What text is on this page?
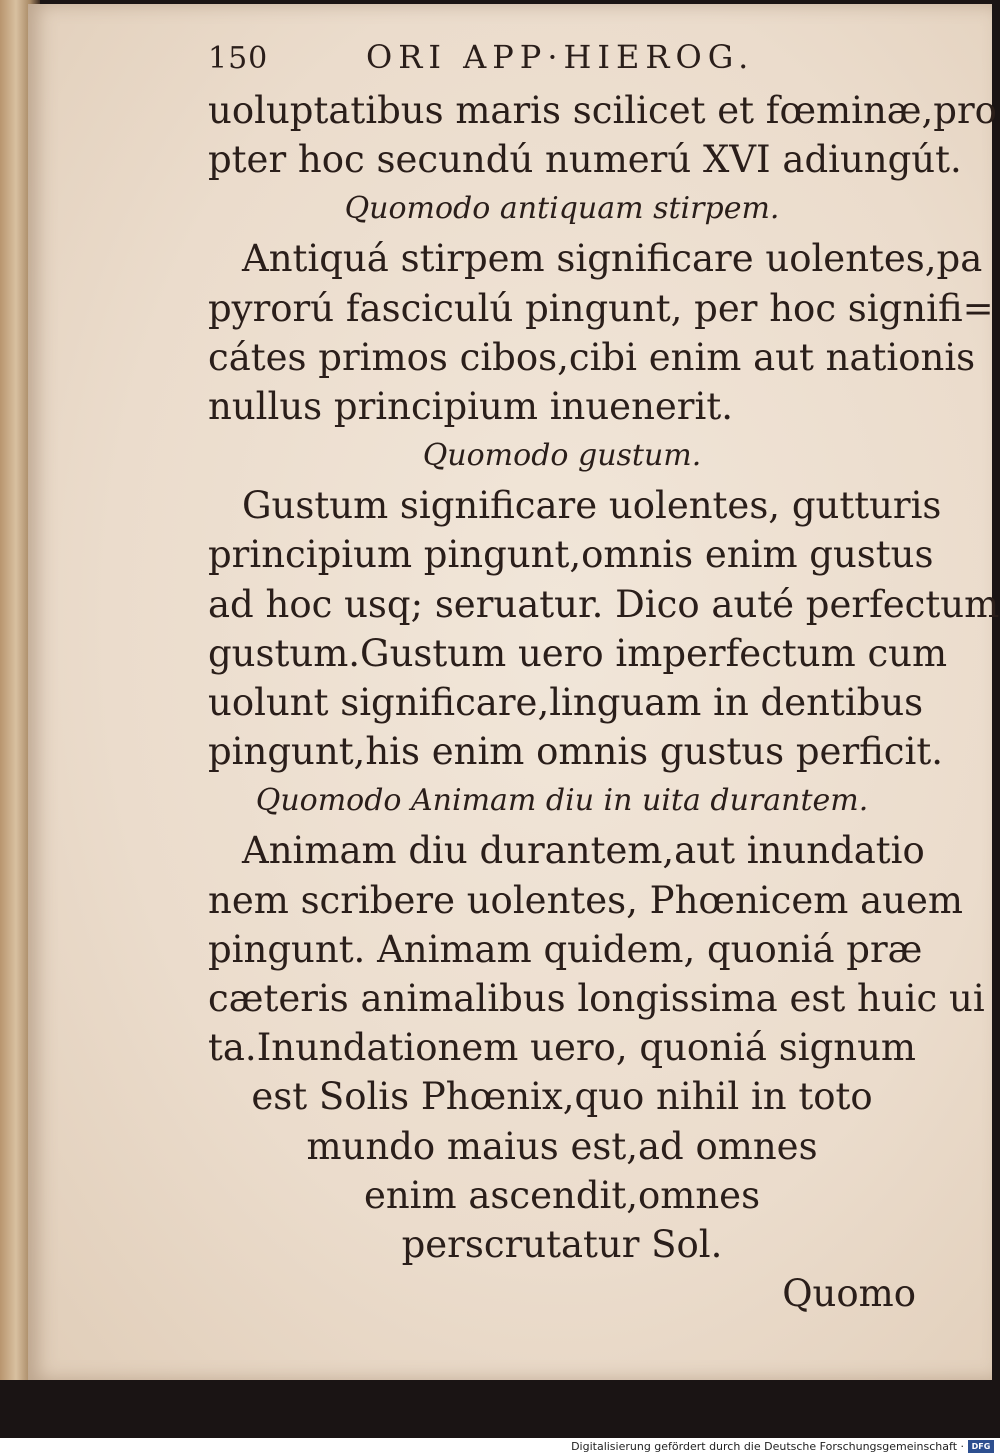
150	ORI APP·HIEROG.
uoluptatibus maris scilicet et fœminæ,pro
pter hoc secundú numerú XVI adiungút.
Quomodo antiquam stirpem.
Antiquá stirpem significare uolentes,pa
pyrorú fasciculú pingunt, per hoc signifi=
cátes primos cibos,cibi enim aut nationis
nullus principium inuenerit.
Quomodo gustum.
Gustum significare uolentes, gutturis
principium pingunt,omnis enim gustus
ad hoc usq; seruatur. Dico auté perfectum
gustum.Gustum uero imperfectum cum
uolunt significare,linguam in dentibus
pingunt,his enim omnis gustus perficit.
Quomodo Animam diu in uita durantem.
Animam diu durantem,aut inundatio
nem scribere uolentes, Phœnicem auem
pingunt. Animam quidem, quoniá præ
cæteris animalibus longissima est huic ui
ta.Inundationem uero, quoniá signum
est Solis Phœnix,quo nihil in toto
mundo maius est,ad omnes
enim ascendit,omnes
perscrutatur Sol.
Quomo
Digitalisierung gefördert durch die Deutsche Forschungsgemeinschaft · DFG
